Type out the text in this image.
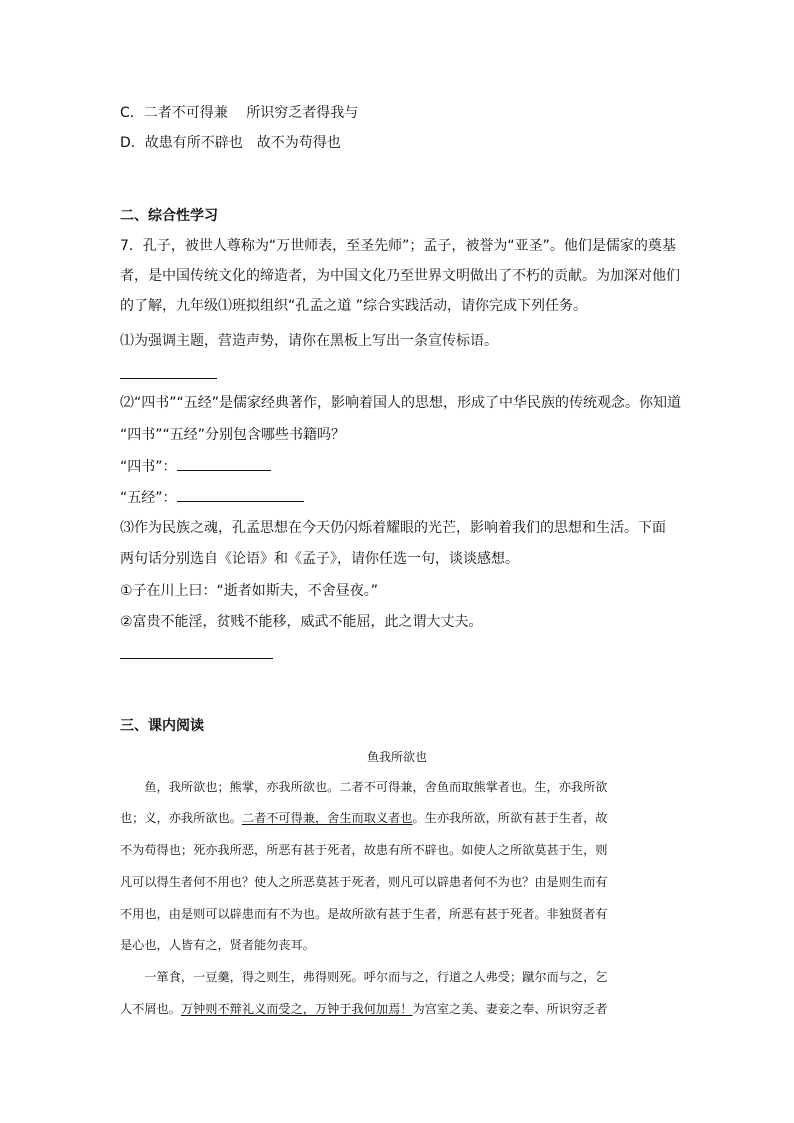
C．二者不可得兼　 所识穷乏者得我与
D．故患有所不辟也　故不为苟得也
二、综合性学习
7．孔子，被世人尊称为“万世师表，至圣先师”；孟子，被誉为“亚圣”。他们是儒家的奠基
者，是中国传统文化的缔造者，为中国文化乃至世界文明做出了不朽的贡献。为加深对他们
的了解，九年级⑴班拟组织“孔孟之道 ”综合实践活动，请你完成下列任务。
⑴为强调主题，营造声势，请你在黑板上写出一条宣传标语。
⑵“四书”“五经”是儒家经典著作，影响着国人的思想，形成了中华民族的传统观念。你知道
“四书”“五经”分别包含哪些书籍吗？
“四书”：
“五经”：
⑶作为民族之魂，孔孟思想在今天仍闪烁着耀眼的光芒，影响着我们的思想和生活。下面
两句话分别选自《论语》和《孟子》，请你任选一句，谈谈感想。
①子在川上曰：“逝者如斯夫，不舍昼夜。”
②富贵不能淫，贫贱不能移，威武不能屈，此之谓大丈夫。
三、课内阅读
鱼我所欲也
　　鱼，我所欲也；熊掌，亦我所欲也。二者不可得兼，舍鱼而取熊掌者也。生，亦我所欲
也；义，亦我所欲也。二者不可得兼，舍生而取义者也。生亦我所欲，所欲有甚于生者，故
不为苟得也；死亦我所恶，所恶有甚于死者，故患有所不辟也。如使人之所欲莫甚于生，则
凡可以得生者何不用也？使人之所恶莫甚于死者，则凡可以辟患者何不为也？由是则生而有
不用也，由是则可以辟患而有不为也。是故所欲有甚于生者，所恶有甚于死者。非独贤者有
是心也，人皆有之，贤者能勿丧耳。
　　一箪食，一豆羹，得之则生，弗得则死。呼尔而与之，行道之人弗受；蹴尔而与之，乞
人不屑也。万钟则不辩礼义而受之，万钟于我何加焉！为宫室之美、妻妾之奉、所识穷乏者
